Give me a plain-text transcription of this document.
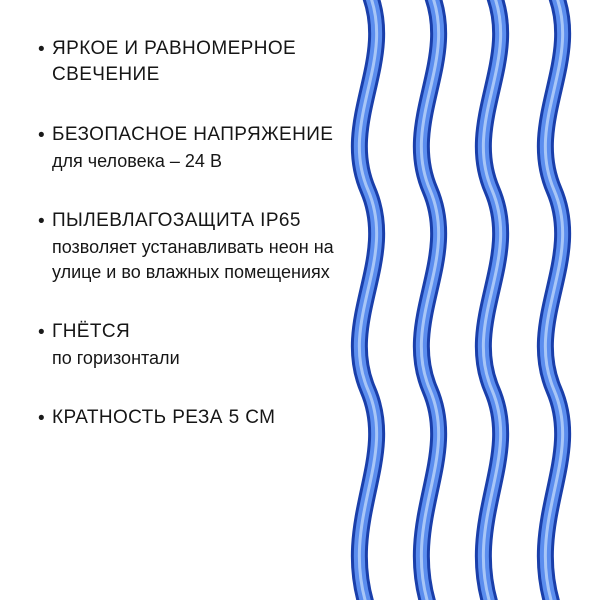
• ЯРКОЕ И РАВНОМЕРНОЕ СВЕЧЕНИЕ
• БЕЗОПАСНОЕ НАПРЯЖЕНИЕ
для человека – 24 В
• ПЫЛЕВЛАГОЗАЩИТА IP65
позволяет устанавливать неон на улице и во влажных помещениях
• ГНЁТСЯ
по горизонтали
• КРАТНОСТЬ РЕЗА 5 СМ
